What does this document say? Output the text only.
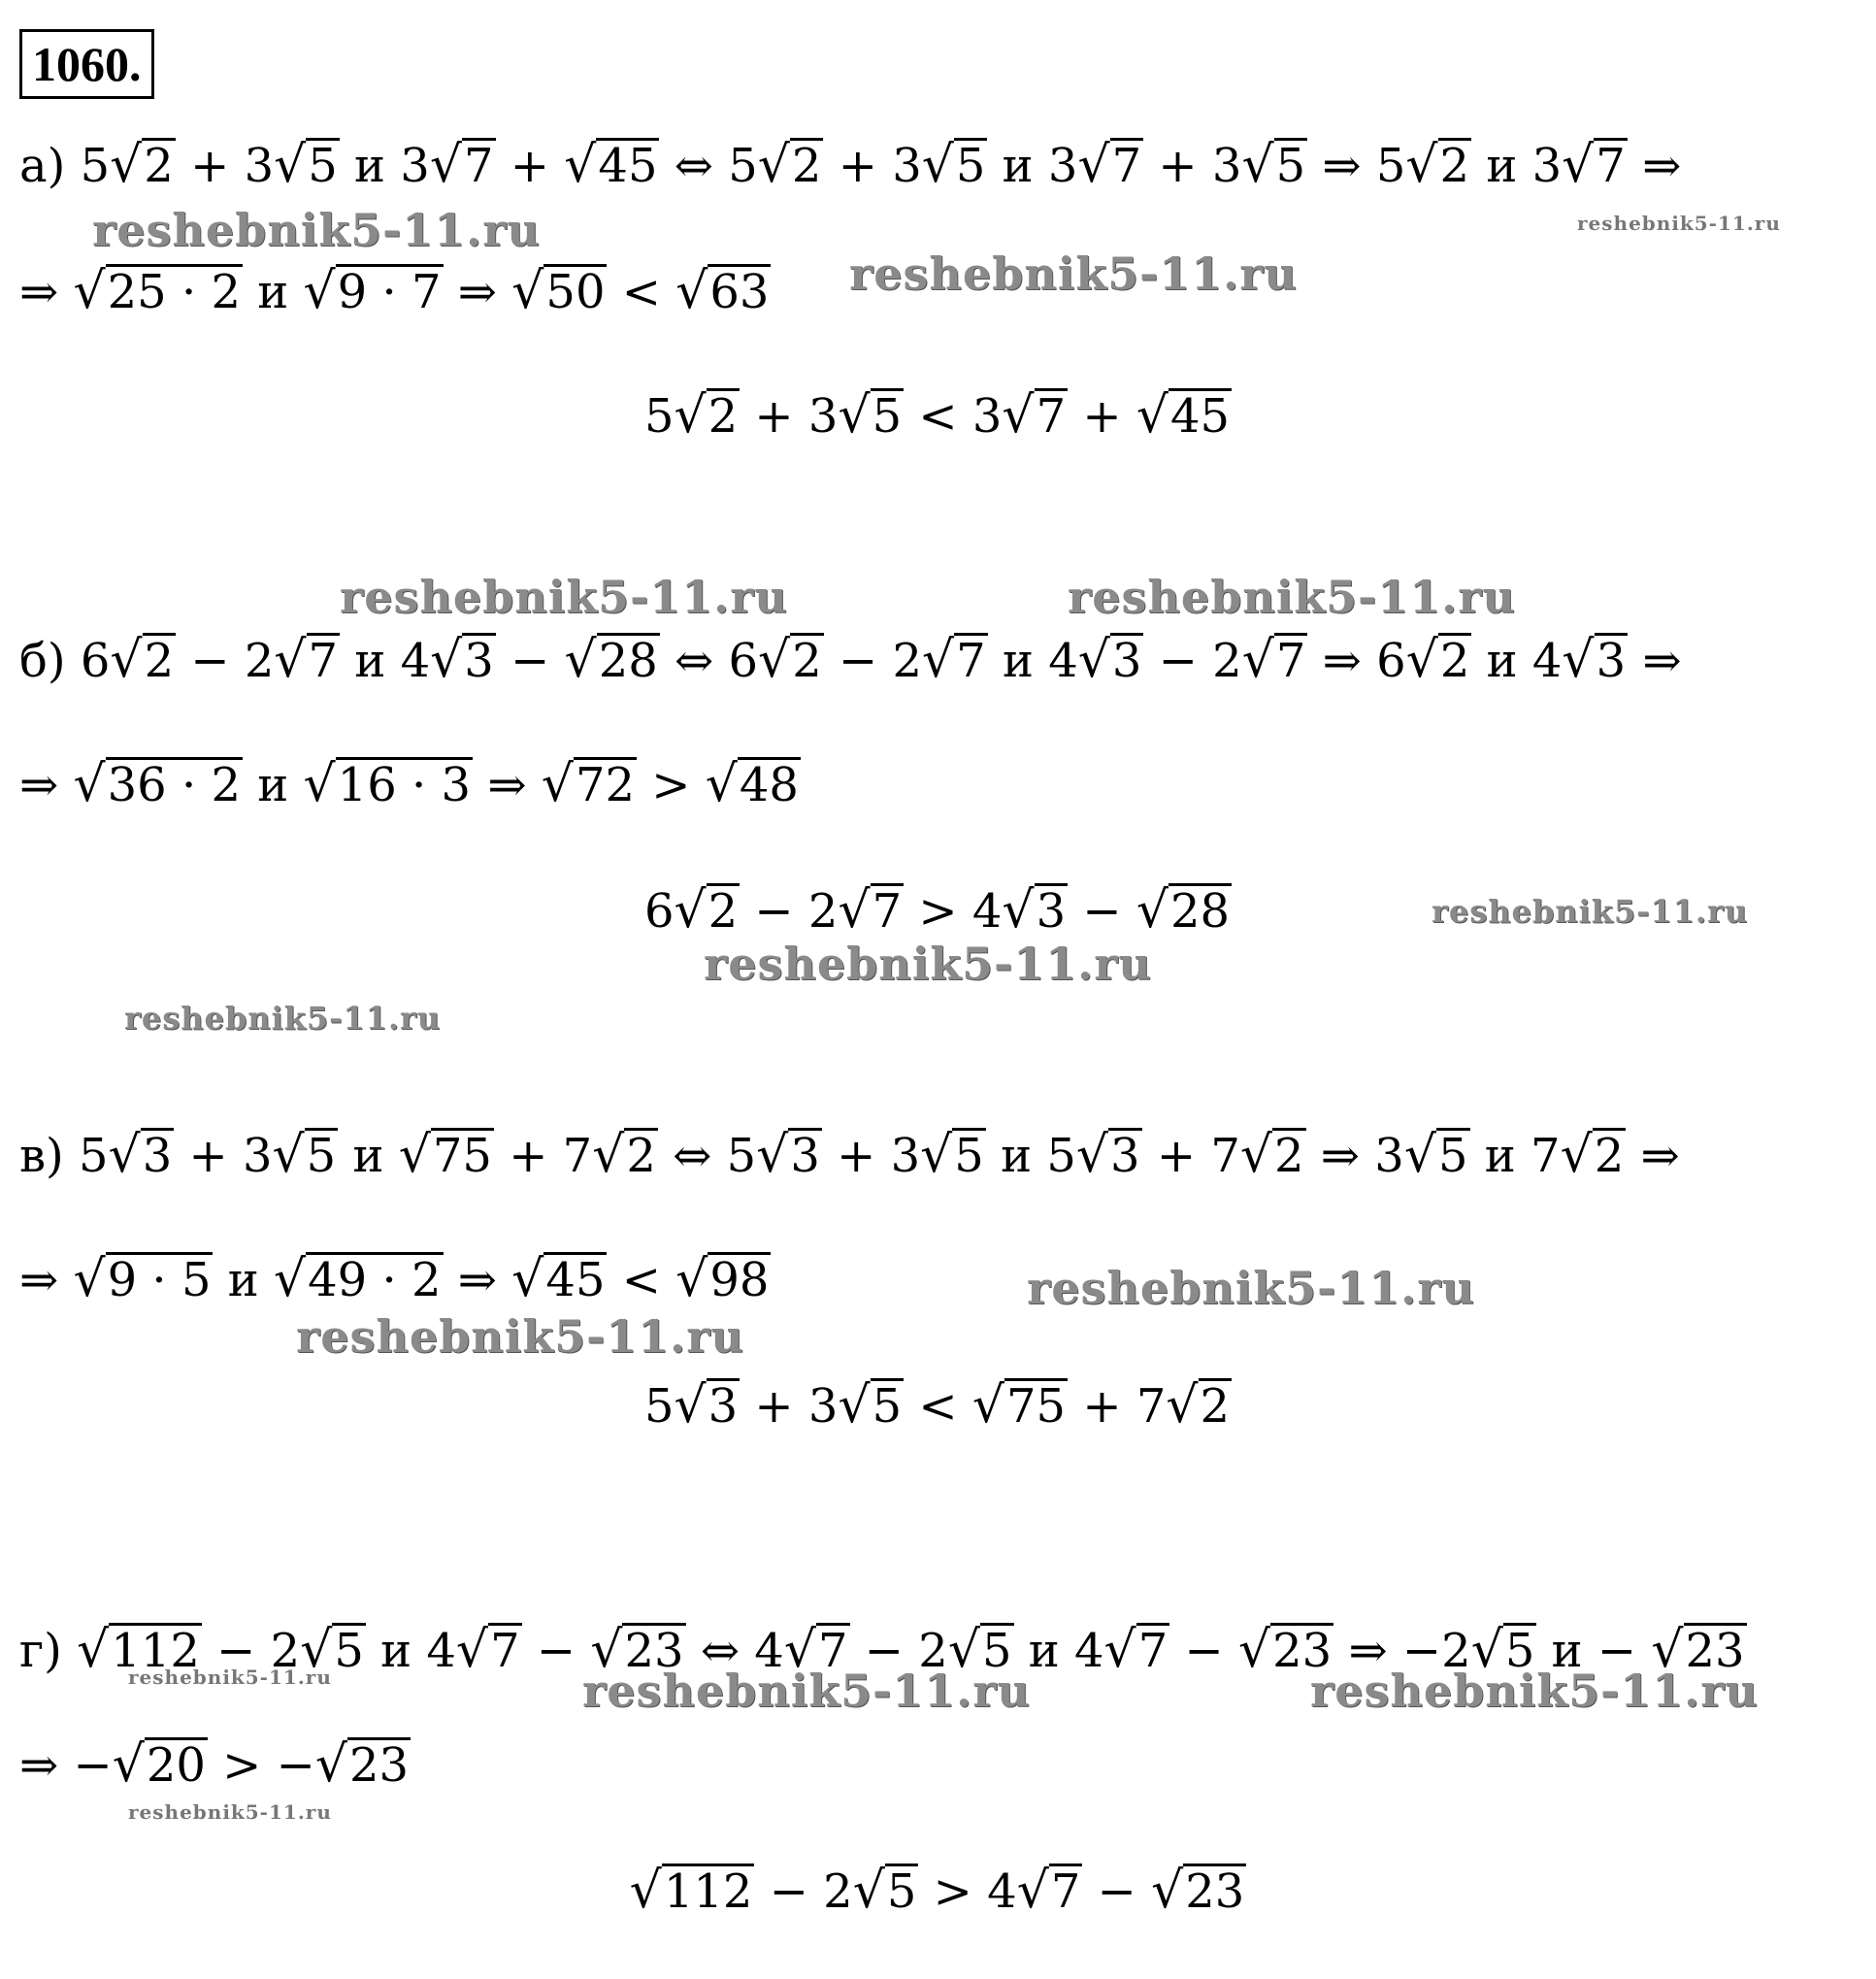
1060.
а) 5√2 + 3√5 и 3√7 + √45 ⇔ 5√2 + 3√5 и 3√7 + 3√5 ⇒ 5√2 и 3√7 ⇒
⇒ √25 · 2 и √9 · 7 ⇒ √50 < √63
5√2 + 3√5 < 3√7 + √45
б) 6√2 − 2√7 и 4√3 − √28 ⇔ 6√2 − 2√7 и 4√3 − 2√7 ⇒ 6√2 и 4√3 ⇒
⇒ √36 · 2 и √16 · 3 ⇒ √72 > √48
6√2 − 2√7 > 4√3 − √28
в) 5√3 + 3√5 и √75 + 7√2 ⇔ 5√3 + 3√5 и 5√3 + 7√2 ⇒ 3√5 и 7√2 ⇒
⇒ √9 · 5 и √49 · 2 ⇒ √45 < √98
5√3 + 3√5 < √75 + 7√2
г) √112 − 2√5 и 4√7 − √23 ⇔ 4√7 − 2√5 и 4√7 − √23 ⇒ −2√5 и − √23
⇒ −√20 > −√23
√112 − 2√5 > 4√7 − √23
reshebnik5-11.ru	reshebnik5-11.ru
reshebnik5-11.ru
reshebnik5-11.ru	reshebnik5-11.ru
reshebnik5-11.ru
reshebnik5-11.ru
reshebnik5-11.ru
reshebnik5-11.ru
reshebnik5-11.ru
reshebnik5-11.ru	reshebnik5-11.ru	reshebnik5-11.ru
reshebnik5-11.ru
